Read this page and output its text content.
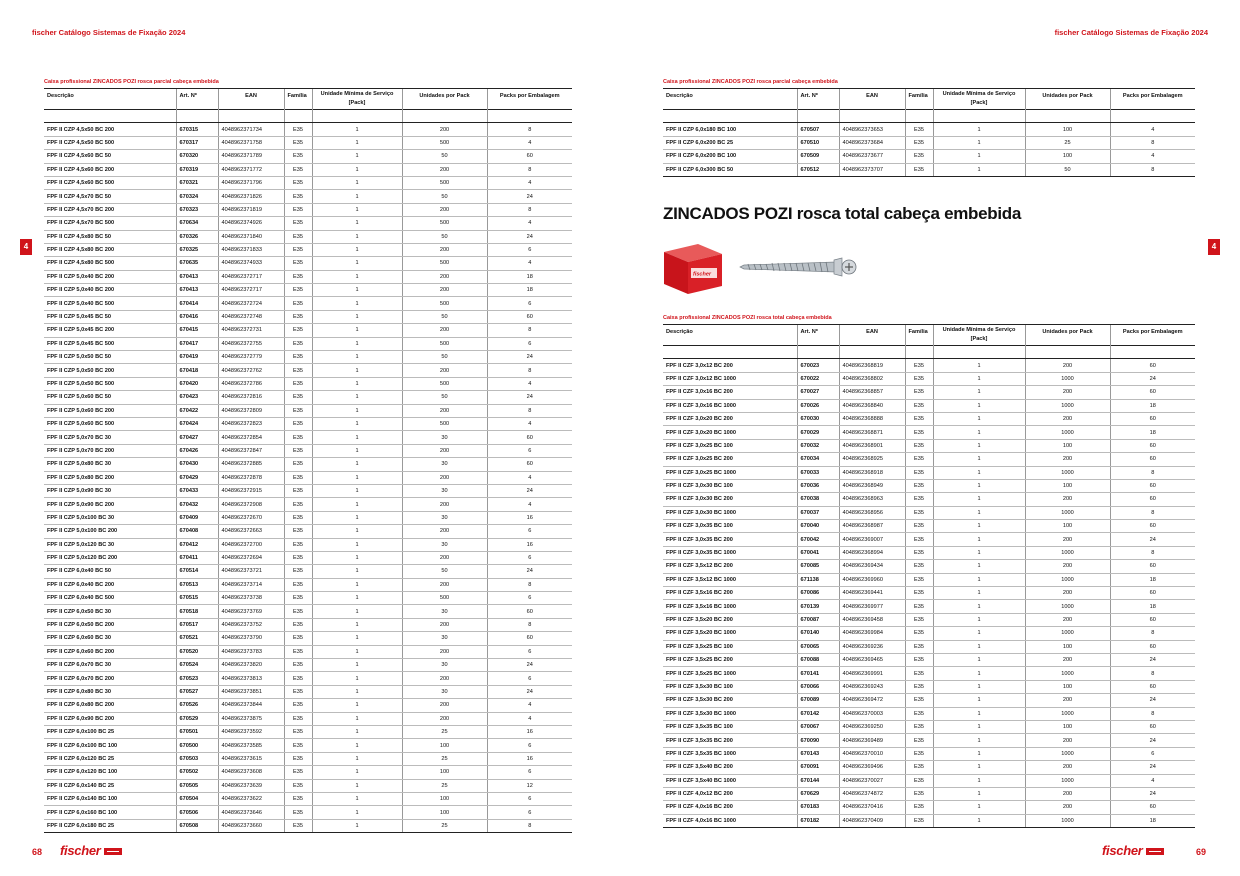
fischer Catálogo Sistemas de Fixação 2024	fischer Catálogo Sistemas de Fixação 2024
4	4
Caixa profissional ZINCADOS POZI rosca parcial cabeça embebida
Descrição	Art. Nº	EAN	Família	Unidade Mínima de Serviço
[Pack]	Unidades por Pack	Packs por Embalagem

FPF II CZP 4,5x50 BC 200	670315	4048962371734	E35	1	200	8
FPF II CZP 4,5x50 BC 500	670317	4048962371758	E35	1	500	4
FPF II CZP 4,5x60 BC 50	670320	4048962371789	E35	1	50	60
FPF II CZP 4,5x60 BC 200	670319	4048962371772	E35	1	200	8
FPF II CZP 4,5x60 BC 500	670321	4048962371796	E35	1	500	4
FPF II CZP 4,5x70 BC 50	670324	4048962371826	E35	1	50	24
FPF II CZP 4,5x70 BC 200	670323	4048962371819	E35	1	200	8
FPF II CZP 4,5x70 BC 500	670634	4048962374926	E35	1	500	4
FPF II CZP 4,5x80 BC 50	670326	4048962371840	E35	1	50	24
FPF II CZP 4,5x80 BC 200	670325	4048962371833	E35	1	200	6
FPF II CZP 4,5x80 BC 500	670635	4048962374933	E35	1	500	4
FPF II CZP 5,0x40 BC 200	670413	4048962372717	E35	1	200	18
FPF II CZP 5,0x40 BC 200	670413	4048962372717	E35	1	200	18
FPF II CZP 5,0x40 BC 500	670414	4048962372724	E35	1	500	6
FPF II CZP 5,0x45 BC 50	670416	4048962372748	E35	1	50	60
FPF II CZP 5,0x45 BC 200	670415	4048962372731	E35	1	200	8
FPF II CZP 5,0x45 BC 500	670417	4048962372755	E35	1	500	6
FPF II CZP 5,0x50 BC 50	670419	4048962372779	E35	1	50	24
FPF II CZP 5,0x50 BC 200	670418	4048962372762	E35	1	200	8
FPF II CZP 5,0x50 BC 500	670420	4048962372786	E35	1	500	4
FPF II CZP 5,0x60 BC 50	670423	4048962372816	E35	1	50	24
FPF II CZP 5,0x60 BC 200	670422	4048962372809	E35	1	200	8
FPF II CZP 5,0x60 BC 500	670424	4048962372823	E35	1	500	4
FPF II CZP 5,0x70 BC 30	670427	4048962372854	E35	1	30	60
FPF II CZP 5,0x70 BC 200	670426	4048962372847	E35	1	200	6
FPF II CZP 5,0x80 BC 30	670430	4048962372885	E35	1	30	60
FPF II CZP 5,0x80 BC 200	670429	4048962372878	E35	1	200	4
FPF II CZP 5,0x90 BC 30	670433	4048962372915	E35	1	30	24
FPF II CZP 5,0x90 BC 200	670432	4048962372908	E35	1	200	4
FPF II CZP 5,0x100 BC 30	670409	4048962372670	E35	1	30	16
FPF II CZP 5,0x100 BC 200	670408	4048962372663	E35	1	200	6
FPF II CZP 5,0x120 BC 30	670412	4048962372700	E35	1	30	16
FPF II CZP 5,0x120 BC 200	670411	4048962372694	E35	1	200	6
FPF II CZP 6,0x40 BC 50	670514	4048962373721	E35	1	50	24
FPF II CZP 6,0x40 BC 200	670513	4048962373714	E35	1	200	8
FPF II CZP 6,0x40 BC 500	670515	4048962373738	E35	1	500	6
FPF II CZP 6,0x50 BC 30	670518	4048962373769	E35	1	30	60
FPF II CZP 6,0x50 BC 200	670517	4048962373752	E35	1	200	8
FPF II CZP 6,0x60 BC 30	670521	4048962373790	E35	1	30	60
FPF II CZP 6,0x60 BC 200	670520	4048962373783	E35	1	200	6
FPF II CZP 6,0x70 BC 30	670524	4048962373820	E35	1	30	24
FPF II CZP 6,0x70 BC 200	670523	4048962373813	E35	1	200	6
FPF II CZP 6,0x80 BC 30	670527	4048962373851	E35	1	30	24
FPF II CZP 6,0x80 BC 200	670526	4048962373844	E35	1	200	4
FPF II CZP 6,0x90 BC 200	670529	4048962373875	E35	1	200	4
FPF II CZP 6,0x100 BC 25	670501	4048962373592	E35	1	25	16
FPF II CZP 6,0x100 BC 100	670500	4048962373585	E35	1	100	6
FPF II CZP 6,0x120 BC 25	670503	4048962373615	E35	1	25	16
FPF II CZP 6,0x120 BC 100	670502	4048962373608	E35	1	100	6
FPF II CZP 6,0x140 BC 25	670505	4048962373639	E35	1	25	12
FPF II CZP 6,0x140 BC 100	670504	4048962373622	E35	1	100	6
FPF II CZP 6,0x160 BC 100	670506	4048962373646	E35	1	100	6
FPF II CZP 6,0x180 BC 25	670508	4048962373660	E35	1	25	8
Caixa profissional ZINCADOS POZI rosca parcial cabeça embebida
Descrição	Art. Nº	EAN	Família	Unidade Mínima de Serviço
[Pack]	Unidades por Pack	Packs por Embalagem

FPF II CZP 6,0x180 BC 100	670507	4048962373653	E35	1	100	4
FPF II CZP 6,0x200 BC 25	670510	4048962373684	E35	1	25	8
FPF II CZP 6,0x200 BC 100	670509	4048962373677	E35	1	100	4
FPF II CZP 6,0x300 BC 50	670512	4048962373707	E35	1	50	8
ZINCADOS POZI rosca total cabeça embebida
fischer
Caixa profissional ZINCADOS POZI rosca total cabeça embebida
Descrição	Art. Nº	EAN	Família	Unidade Mínima de Serviço
[Pack]	Unidades por Pack	Packs por Embalagem

FPF II CZF 3,0x12 BC 200	670023	4048962368819	E35	1	200	60
FPF II CZF 3,0x12 BC 1000	670022	4048962368802	E35	1	1000	24
FPF II CZF 3,0x16 BC 200	670027	4048962368857	E35	1	200	60
FPF II CZF 3,0x16 BC 1000	670026	4048962368840	E35	1	1000	18
FPF II CZF 3,0x20 BC 200	670030	4048962368888	E35	1	200	60
FPF II CZF 3,0x20 BC 1000	670029	4048962368871	E35	1	1000	18
FPF II CZF 3,0x25 BC 100	670032	4048962368901	E35	1	100	60
FPF II CZF 3,0x25 BC 200	670034	4048962368925	E35	1	200	60
FPF II CZF 3,0x25 BC 1000	670033	4048962368918	E35	1	1000	8
FPF II CZF 3,0x30 BC 100	670036	4048962368949	E35	1	100	60
FPF II CZF 3,0x30 BC 200	670038	4048962368963	E35	1	200	60
FPF II CZF 3,0x30 BC 1000	670037	4048962368956	E35	1	1000	8
FPF II CZF 3,0x35 BC 100	670040	4048962368987	E35	1	100	60
FPF II CZF 3,0x35 BC 200	670042	4048962369007	E35	1	200	24
FPF II CZF 3,0x35 BC 1000	670041	4048962368994	E35	1	1000	8
FPF II CZF 3,5x12 BC 200	670085	4048962369434	E35	1	200	60
FPF II CZF 3,5x12 BC 1000	671138	4048962369960	E35	1	1000	18
FPF II CZF 3,5x16 BC 200	670086	4048962369441	E35	1	200	60
FPF II CZF 3,5x16 BC 1000	670139	4048962369977	E35	1	1000	18
FPF II CZF 3,5x20 BC 200	670087	4048962369458	E35	1	200	60
FPF II CZF 3,5x20 BC 1000	670140	4048962369984	E35	1	1000	8
FPF II CZF 3,5x25 BC 100	670065	4048962369236	E35	1	100	60
FPF II CZF 3,5x25 BC 200	670088	4048962369465	E35	1	200	24
FPF II CZF 3,5x25 BC 1000	670141	4048962369991	E35	1	1000	8
FPF II CZF 3,5x30 BC 100	670066	4048962369243	E35	1	100	60
FPF II CZF 3,5x30 BC 200	670089	4048962369472	E35	1	200	24
FPF II CZF 3,5x30 BC 1000	670142	4048962370003	E35	1	1000	8
FPF II CZF 3,5x35 BC 100	670067	4048962369250	E35	1	100	60
FPF II CZF 3,5x35 BC 200	670090	4048962369489	E35	1	200	24
FPF II CZF 3,5x35 BC 1000	670143	4048962370010	E35	1	1000	6
FPF II CZF 3,5x40 BC 200	670091	4048962369496	E35	1	200	24
FPF II CZF 3,5x40 BC 1000	670144	4048962370027	E35	1	1000	4
FPF II CZF 4,0x12 BC 200	670629	4048962374872	E35	1	200	24
FPF II CZF 4,0x16 BC 200	670183	4048962370416	E35	1	200	60
FPF II CZF 4,0x16 BC 1000	670182	4048962370409	E35	1	1000	18
68 fischer	fischer	69
